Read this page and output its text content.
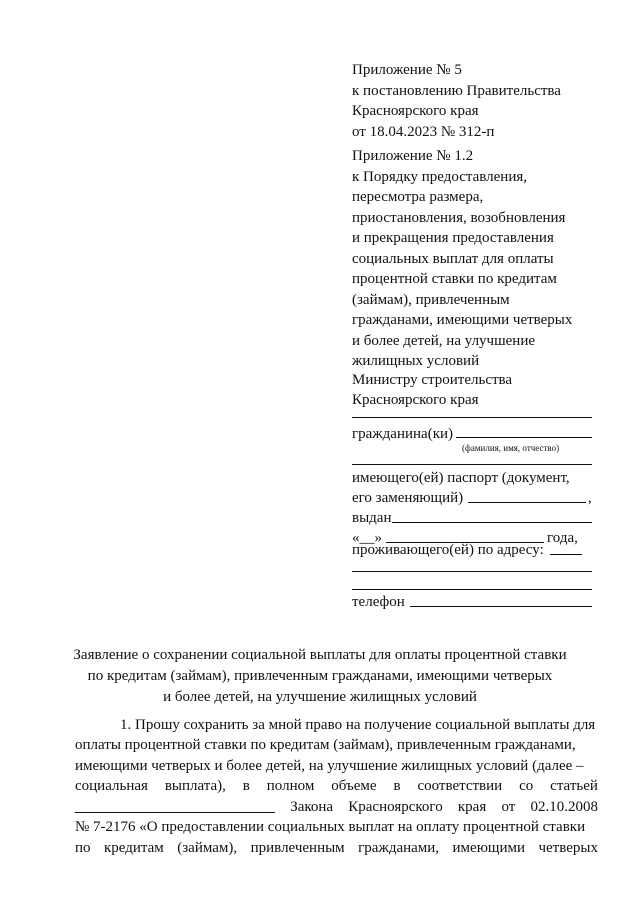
Приложение № 5
к постановлению Правительства
Красноярского края
от 18.04.2023 № 312-п
Приложение № 1.2
к Порядку предоставления,
пересмотра размера,
приостановления, возобновления
и прекращения предоставления
социальных выплат для оплаты
процентной ставки по кредитам
(займам), привлеченным
гражданами, имеющими четверых
и более детей, на улучшение
жилищных условий
Министру строительства
Красноярского края
гражданина(ки)
(фамилия, имя, отчество)
имеющего(ей) паспорт (документ,
его заменяющий)	,
выдан
«__»	года,
проживающего(ей) по адресу:
телефон
Заявление о сохранении социальной выплаты для оплаты процентной ставки
по кредитам (займам), привлеченным гражданами, имеющими четверых
и более детей, на улучшение жилищных условий
1. Прошу сохранить за мной право на получение социальной выплаты для
оплаты процентной ставки по кредитам (займам), привлеченным гражданами,
имеющими четверых и более детей, на улучшение жилищных условий (далее –
социальная выплата), в полном объеме в соответствии со статьей
Закона Красноярского края от 02.10.2008
№ 7-2176 «О предоставлении социальных выплат на оплату процентной ставки
по кредитам (займам), привлеченным гражданами, имеющими четверых
